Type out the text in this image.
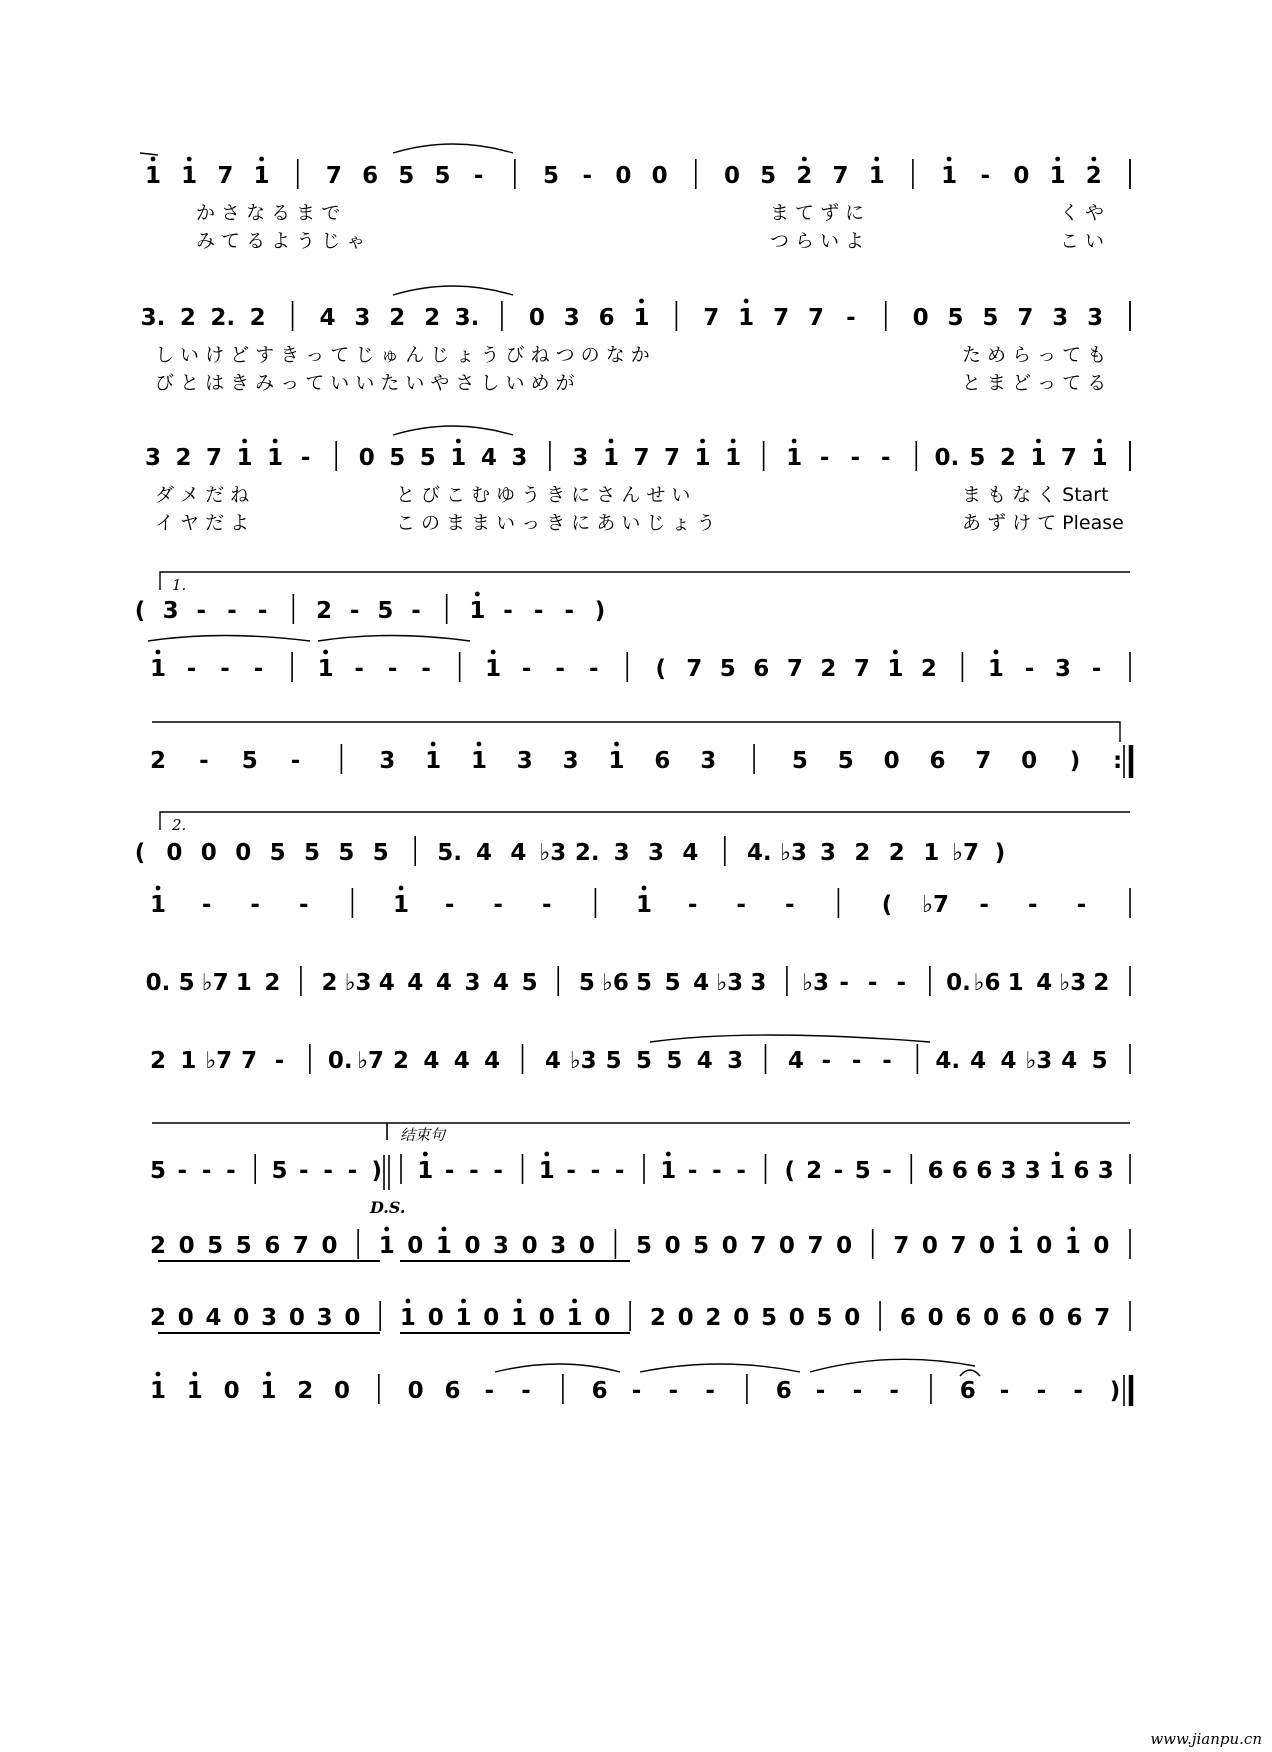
1 1 7 1 7 6 5 5 -	5 - 0 0 0 5 2 7 1 1 - 0 1 2
か さ な る ま で	ま て ず に	く や
み て る よ う じ ゃ	つ ら い よ	こ い
3. 2 2. 2 4 3 2 2 3. 0 3 6 1 7 1 7 7 - 0 5 5 7 3 3
し い け ど す き っ て じ ゅ ん じ ょ う び ね つ の な か	た め ら っ て も
び と は き み っ て い い た い や さ し い め が	と ま ど っ て る
3 2 7 1 1 - 0 5 5 1 4 3 3 1 7 7 1 1 1 - - - 0. 5 2 1 7 1
ダ メ だ ね	と び こ む ゆ う き に さ ん せ い	ま も な く Start
イ ヤ だ よ	こ の ま ま い っ き に あ い じ ょ う	あ ず け て Please
1.
( 3 - - - 2 - 5 - 1 - - - )
1 - - - 1 - - - 1 - - - ( 7 5 6 7 2 7 1 2 1 - 3 -
2 - 5 -	3 1 1 3 3 1 6 3	5 5 0 6 7 0 ) :
2.
( 0 0 0 5 5 5 5 5. 4 4 ♭3 2. 3 3 4 4. ♭3 3 2 2 1 ♭7 )
1 - - -	1 - - -	1 - - -	( ♭7 - - -
0. 5 ♭7 1 2 2 ♭3 4 4 4 3 4 5 5 ♭6 5 5 4 ♭3 3 ♭3 - - - 0. ♭6 1 4 ♭3 2
2 1 ♭7 7 - 0. ♭7 2 4 4 4 4 ♭3 5 5 5 4 3 4 - - - 4. 4 4 ♭3 4 5
结束句
5 - - - 5 - - - ) 1 - - - 1 - - - 1 - - - ( 2 - 5 - 6 6 6 3 3 1 6 3
D.S.
2 0 5 5 6 7 0 1 0 1 0 3 0 3 0 5 0 5 0 7 0 7 0 7 0 7 0 1 0 1 0
2 0 4 0 3 0 3 0 1 0 1 0 1 0 1 0 2 0 2 0 5 0 5 0 6 0 6 0 6 0 6 7
1 1 0 1 2 0	0 6 - -	6 - - -	6 - - -	6 - - - )
www.jianpu.cn
